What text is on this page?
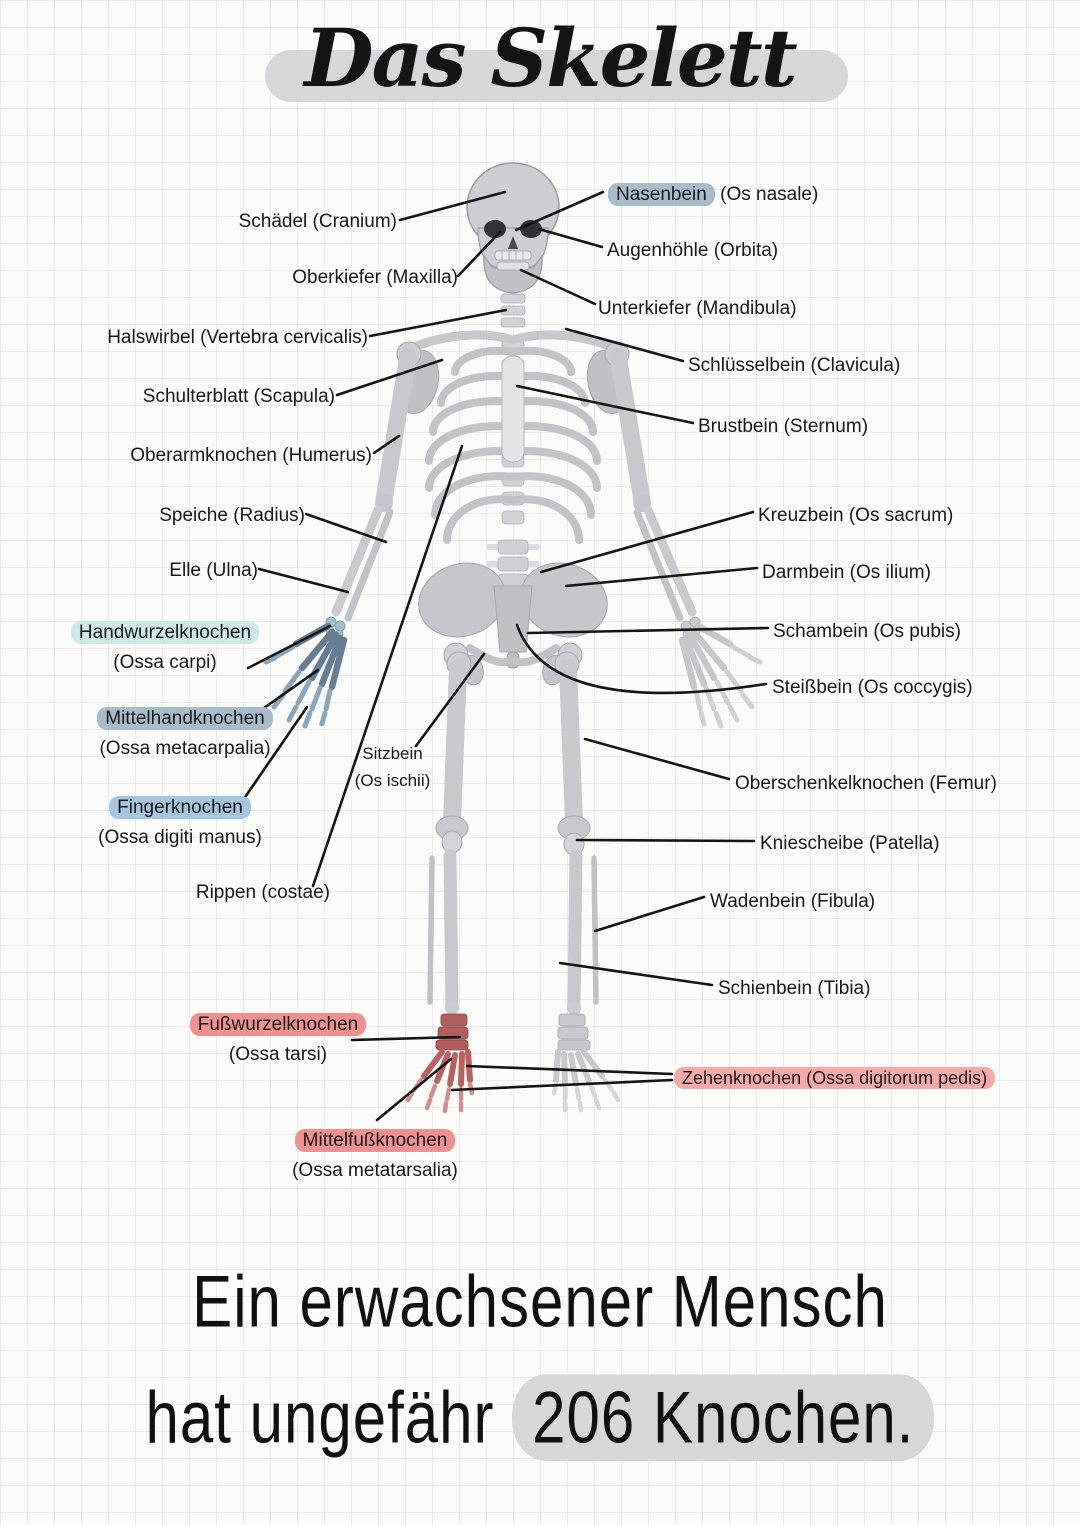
Das Skelett
Schädel (Cranium)
Oberkiefer (Maxilla)
Halswirbel (Vertebra cervicalis)
Schulterblatt (Scapula)
Oberarmknochen (Humerus)
Speiche (Radius)
Elle (Ulna)
Handwurzelknochen
(Ossa carpi)
Mittelhandknochen
(Ossa metacarpalia)
Fingerknochen
(Ossa digiti manus)
Rippen (costae)
Sitzbein
(Os ischii)
Fußwurzelknochen
(Ossa tarsi)
Mittelfußknochen
(Ossa metatarsalia)
Nasenbein (Os nasale)
Augenhöhle (Orbita)
Unterkiefer (Mandibula)
Schlüsselbein (Clavicula)
Brustbein (Sternum)
Kreuzbein (Os sacrum)
Darmbein (Os ilium)
Schambein (Os pubis)
Steißbein (Os coccygis)
Oberschenkelknochen (Femur)
Kniescheibe (Patella)
Wadenbein (Fibula)
Schienbein (Tibia)
Zehenknochen (Ossa digitorum pedis)
Ein erwachsener Mensch
hat ungefähr 206 Knochen.
